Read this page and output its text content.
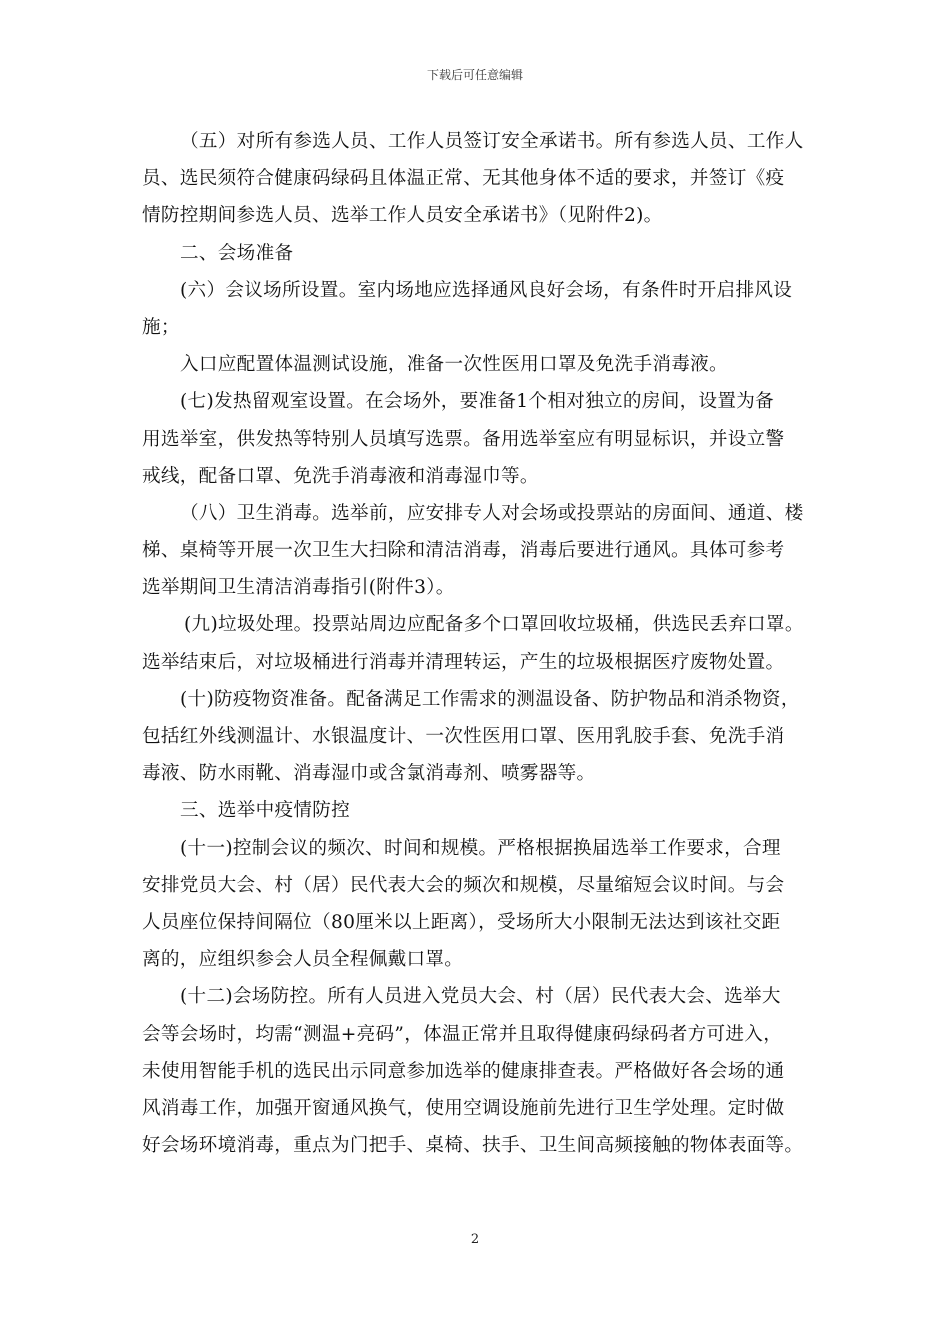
下载后可任意编辑
（五）对所有参选人员、工作人员签订安全承诺书。所有参选人员、工作人
员、选民须符合健康码绿码且体温正常、无其他身体不适的要求，并签订《疫
情防控期间参选人员、选举工作人员安全承诺书》（见附件2)。
二、会场准备
(六）会议场所设置。室内场地应选择通风良好会场，有条件时开启排风设
施；
入口应配置体温测试设施，准备一次性医用口罩及免洗手消毒液。
(七)发热留观室设置。在会场外，要准备1个相对独立的房间，设置为备
用选举室，供发热等特别人员填写选票。备用选举室应有明显标识，并设立警
戒线，配备口罩、免洗手消毒液和消毒湿巾等。
（八）卫生消毒。选举前，应安排专人对会场或投票站的房面间、通道、楼
梯、桌椅等开展一次卫生大扫除和清洁消毒，消毒后要进行通风。具体可参考
选举期间卫生清洁消毒指引(附件3）。
(九)垃圾处理。投票站周边应配备多个口罩回收垃圾桶，供选民丢弃口罩。
选举结束后，对垃圾桶进行消毒并清理转运，产生的垃圾根据医疗废物处置。
(十)防疫物资准备。配备满足工作需求的测温设备、防护物品和消杀物资，
包括红外线测温计、水银温度计、一次性医用口罩、医用乳胶手套、免洗手消
毒液、防水雨靴、消毒湿巾或含氯消毒剂、喷雾器等。
三、选举中疫情防控
(十一)控制会议的频次、时间和规模。严格根据换届选举工作要求，合理
安排党员大会、村（居）民代表大会的频次和规模，尽量缩短会议时间。与会
人员座位保持间隔位（80厘米以上距离），受场所大小限制无法达到该社交距
离的，应组织参会人员全程佩戴口罩。
(十二)会场防控。所有人员进入党员大会、村（居）民代表大会、选举大
会等会场时，均需“测温+亮码”，体温正常并且取得健康码绿码者方可进入，
未使用智能手机的选民出示同意参加选举的健康排查表。严格做好各会场的通
风消毒工作，加强开窗通风换气，使用空调设施前先进行卫生学处理。定时做
好会场环境消毒，重点为门把手、桌椅、扶手、卫生间高频接触的物体表面等。
2
